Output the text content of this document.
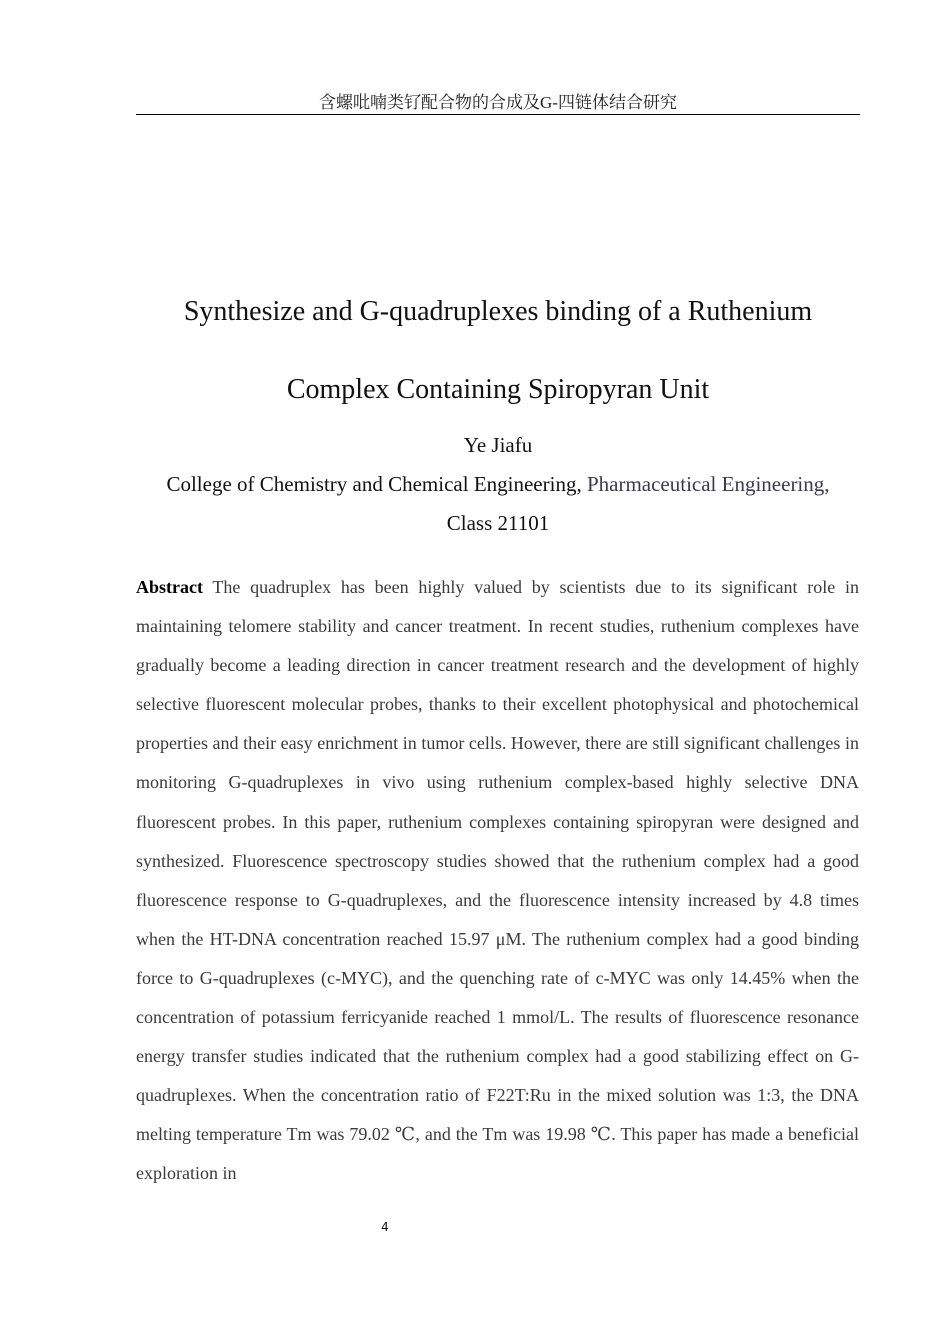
含螺吡喃类钌配合物的合成及G-四链体结合研究
Synthesize and G-quadruplexes binding of a Ruthenium
Complex Containing Spiropyran Unit
Ye Jiafu
College of Chemistry and Chemical Engineering, Pharmaceutical Engineering,
Class 21101
Abstract The quadruplex has been highly valued by scientists due to its significant role in maintaining telomere stability and cancer treatment. In recent studies, ruthenium complexes have gradually become a leading direction in cancer treatment research and the development of highly selective fluorescent molecular probes, thanks to their excellent photophysical and photochemical properties and their easy enrichment in tumor cells. However, there are still significant challenges in monitoring G-quadruplexes in vivo using ruthenium complex-based highly selective DNA fluorescent probes. In this paper, ruthenium complexes containing spiropyran were designed and synthesized. Fluorescence spectroscopy studies showed that the ruthenium complex had a good fluorescence response to G-quadruplexes, and the fluorescence intensity increased by 4.8 times when the HT-DNA concentration reached 15.97 μM. The ruthenium complex had a good binding force to G-quadruplexes (c-MYC), and the quenching rate of c-MYC was only 14.45% when the concentration of potassium ferricyanide reached 1 mmol/L. The results of fluorescence resonance energy transfer studies indicated that the ruthenium complex had a good stabilizing effect on G-quadruplexes. When the concentration ratio of F22T:Ru in the mixed solution was 1:3, the DNA melting temperature Tm was 79.02 ℃, and the Tm was 19.98 ℃. This paper has made a beneficial exploration in
4
